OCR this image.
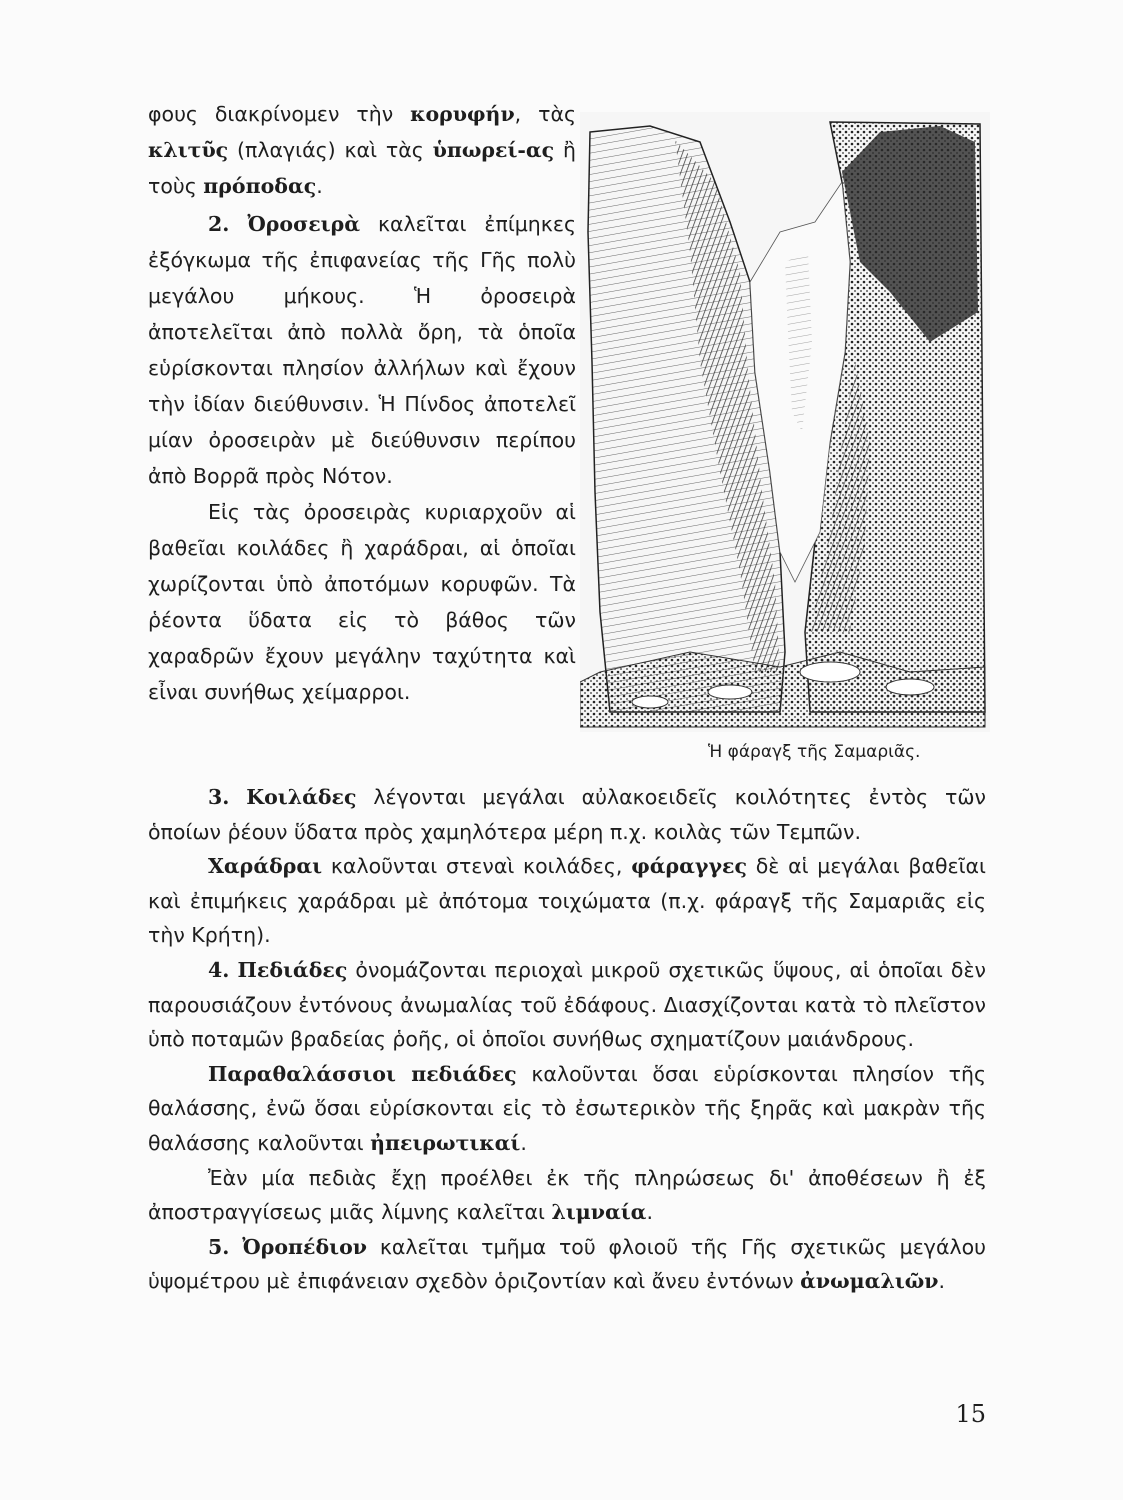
φους διακρίνομεν τὴν κορυφήν, τὰς κλιτῦς (πλαγιάς) καὶ τὰς ὑπωρεί-ας ἢ τοὺς πρόποδας.

2. Ὀροσειρὰ καλεῖται ἐπίμηκες ἐξόγκωμα τῆς ἐπιφανείας τῆς Γῆς πολὺ μεγάλου μήκους. Ἡ ὀροσειρὰ ἀποτελεῖται ἀπὸ πολλὰ ὄρη, τὰ ὁποῖα εὑρίσκονται πλησίον ἀλλήλων καὶ ἔχουν τὴν ἰδίαν διεύθυνσιν. Ἡ Πίνδος ἀποτελεῖ μίαν ὀροσειρὰν μὲ διεύθυνσιν περίπου ἀπὸ Βορρᾶ πρὸς Νότον.

Εἰς τὰς ὀροσειρὰς κυριαρχοῦν αἱ βαθεῖαι κοιλάδες ἢ χαράδραι, αἱ ὁποῖαι χωρίζονται ὑπὸ ἀποτόμων κορυφῶν. Τὰ ῥέοντα ὕδατα εἰς τὸ βάθος τῶν χαραδρῶν ἔχουν μεγάλην ταχύτητα καὶ εἶναι συνήθως χείμαρροι.

Ἡ φάραγξ τῆς Σαμαριᾶς.

3. Κοιλάδες λέγονται μεγάλαι αὐλακοειδεῖς κοιλότητες ἐντὸς τῶν ὁποίων ῥέουν ὕδατα πρὸς χαμηλότερα μέρη π.χ. κοιλὰς τῶν Τεμπῶν.

Χαράδραι καλοῦνται στεναὶ κοιλάδες, φάραγγες δὲ αἱ μεγάλαι βαθεῖαι καὶ ἐπιμήκεις χαράδραι μὲ ἀπότομα τοιχώματα (π.χ. φάραγξ τῆς Σαμαριᾶς εἰς τὴν Κρήτη).

4. Πεδιάδες ὀνομάζονται περιοχαὶ μικροῦ σχετικῶς ὕψους, αἱ ὁποῖαι δὲν παρουσιάζουν ἐντόνους ἀνωμαλίας τοῦ ἐδάφους. Διασχίζονται κατὰ τὸ πλεῖστον ὑπὸ ποταμῶν βραδείας ῥοῆς, οἱ ὁποῖοι συνήθως σχηματίζουν μαιάνδρους.

Παραθαλάσσιοι πεδιάδες καλοῦνται ὅσαι εὑρίσκονται πλησίον τῆς θαλάσσης, ἐνῶ ὅσαι εὑρίσκονται εἰς τὸ ἐσωτερικὸν τῆς ξηρᾶς καὶ μακρὰν τῆς θαλάσσης καλοῦνται ἠπειρωτικαί.

Ἐὰν μία πεδιὰς ἔχῃ προέλθει ἐκ τῆς πληρώσεως δι' ἀποθέσεων ἢ ἐξ ἀποστραγγίσεως μιᾶς λίμνης καλεῖται λιμναία.

5. Ὀροπέδιον καλεῖται τμῆμα τοῦ φλοιοῦ τῆς Γῆς σχετικῶς μεγάλου ὑψομέτρου μὲ ἐπιφάνειαν σχεδὸν ὁριζοντίαν καὶ ἄνευ ἐντόνων ἀνωμαλιῶν.

15
